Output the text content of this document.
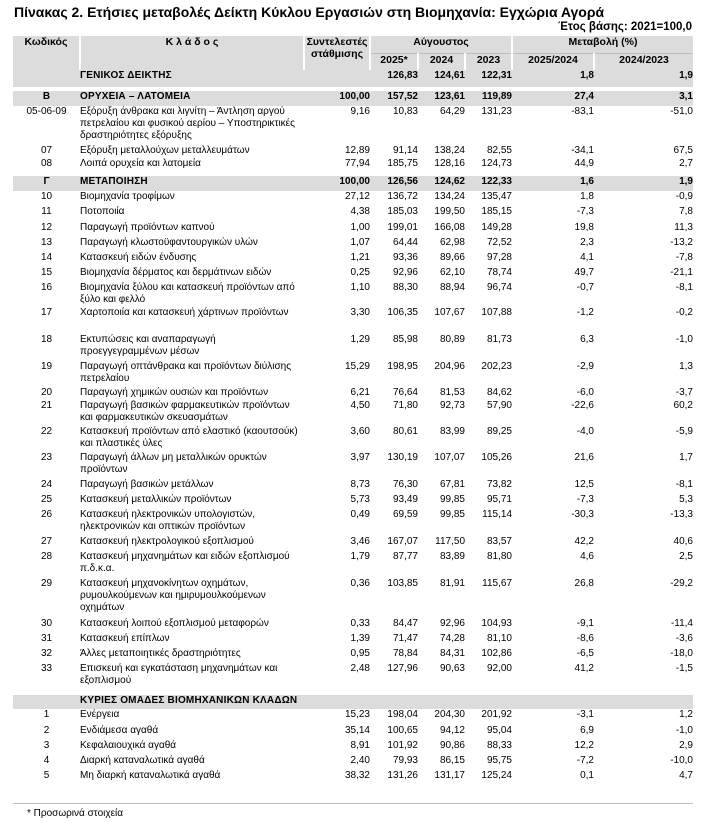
Πίνακας 2. Ετήσιες μεταβολές Δείκτη Κύκλου Εργασιών στη Βιομηχανία: Εγχώρια Αγορά
Έτος βάσης: 2021=100,0
Κωδικός	Κ λ ά δ ο ς	Συντελεστές στάθμισης	Αύγουστος			Μεταβολή (%)	
			2025*	2024	2023	2025/2024	2024/2023
	ΓΕΝΙΚΟΣ ΔΕΙΚΤΗΣ		126,83	124,61	122,31	1,8	1,9

B	ΟΡΥΧΕΙΑ – ΛΑΤΟΜΕΙΑ	100,00	157,52	123,61	119,89	27,4	3,1
05-06-09	Εξόρυξη άνθρακα και λιγνίτη – Άντληση αργού πετρελαίου και φυσικού αερίου – Υποστηρικτικές δραστηριότητες εξόρυξης	9,16	10,83	64,29	131,23	-83,1	-51,0
07	Εξόρυξη μεταλλούχων μεταλλευμάτων	12,89	91,14	138,24	82,55	-34,1	67,5
08	Λοιπά ορυχεία και λατομεία	77,94	185,75	128,16	124,73	44,9	2,7

Γ	ΜΕΤΑΠΟΙΗΣΗ	100,00	126,56	124,62	122,33	1,6	1,9
10	Βιομηχανία τροφίμων	27,12	136,72	134,24	135,47	1,8	-0,9
11	Ποτοποιία	4,38	185,03	199,50	185,15	-7,3	7,8
12	Παραγωγή προϊόντων καπνού	1,00	199,01	166,08	149,28	19,8	11,3
13	Παραγωγή κλωστοϋφαντουργικών υλών	1,07	64,44	62,98	72,52	2,3	-13,2
14	Κατασκευή ειδών ένδυσης	1,21	93,36	89,66	97,28	4,1	-7,8
15	Βιομηχανία δέρματος και δερμάτινων ειδών	0,25	92,96	62,10	78,74	49,7	-21,1
16	Βιομηχανία ξύλου και κατασκευή προϊόντων από ξύλο και φελλό	1,10	88,30	88,94	96,74	-0,7	-8,1
17	Χαρτοποιία και κατασκευή χάρτινων προϊόντων	3,30	106,35	107,67	107,88	-1,2	-0,2
18	Εκτυπώσεις και αναπαραγωγή προεγγεγραμμένων μέσων	1,29	85,98	80,89	81,73	6,3	-1,0
19	Παραγωγή οπτάνθρακα και προϊόντων διύλισης πετρελαίου	15,29	198,95	204,96	202,23	-2,9	1,3
20	Παραγωγή χημικών ουσιών και προϊόντων	6,21	76,64	81,53	84,62	-6,0	-3,7
21	Παραγωγή βασικών φαρμακευτικών προϊόντων και φαρμακευτικών σκευασμάτων	4,50	71,80	92,73	57,90	-22,6	60,2
22	Κατασκευή προϊόντων από ελαστικό (καουτσούκ) και πλαστικές ύλες	3,60	80,61	83,99	89,25	-4,0	-5,9
23	Παραγωγή άλλων μη μεταλλικών ορυκτών προϊόντων	3,97	130,19	107,07	105,26	21,6	1,7
24	Παραγωγή βασικών μετάλλων	8,73	76,30	67,81	73,82	12,5	-8,1
25	Κατασκευή μεταλλικών προϊόντων	5,73	93,49	99,85	95,71	-7,3	5,3
26	Κατασκευή ηλεκτρονικών υπολογιστών, ηλεκτρονικών και οπτικών προϊόντων	0,49	69,59	99,85	115,14	-30,3	-13,3
27	Κατασκευή ηλεκτρολογικού εξοπλισμού	3,46	167,07	117,50	83,57	42,2	40,6
28	Κατασκευή μηχανημάτων και ειδών εξοπλισμού π.δ.κ.α.	1,79	87,77	83,89	81,80	4,6	2,5
29	Κατασκευή μηχανοκίνητων οχημάτων, ρυμουλκούμενων και ημιρυμουλκούμενων οχημάτων	0,36	103,85	81,91	115,67	26,8	-29,2
30	Κατασκευή λοιπού εξοπλισμού μεταφορών	0,33	84,47	92,96	104,93	-9,1	-11,4
31	Κατασκευή επίπλων	1,39	71,47	74,28	81,10	-8,6	-3,6
32	Άλλες μεταποιητικές δραστηριότητες	0,95	78,84	84,31	102,86	-6,5	-18,0
33	Επισκευή και εγκατάσταση μηχανημάτων και εξοπλισμού	2,48	127,96	90,63	92,00	41,2	-1,5

	ΚΥΡΙΕΣ ΟΜΑΔΕΣ ΒΙΟΜΗΧΑΝΙΚΩΝ ΚΛΑΔΩΝ						
1	Ενέργεια	15,23	198,04	204,30	201,92	-3,1	1,2
2	Ενδιάμεσα αγαθά	35,14	100,65	94,12	95,04	6,9	-1,0
3	Κεφαλαιουχικά αγαθά	8,91	101,92	90,86	88,33	12,2	2,9
4	Διαρκή καταναλωτικά αγαθά	2,40	79,93	86,15	95,75	-7,2	-10,0
5	Μη διαρκή καταναλωτικά αγαθά	38,32	131,26	131,17	125,24	0,1	4,7
* Προσωρινά στοιχεία
